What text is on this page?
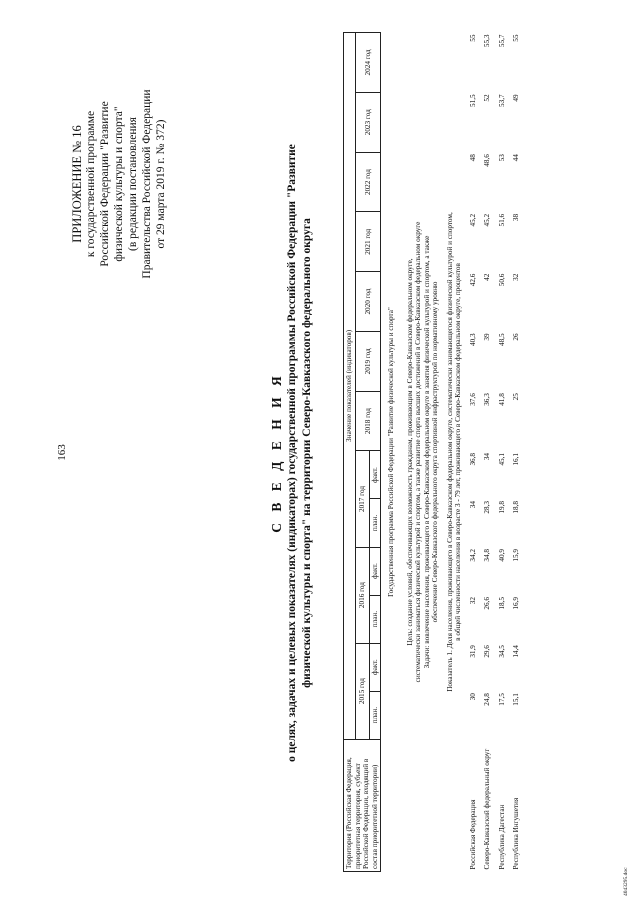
163
ПРИЛОЖЕНИЕ № 16 к государственной программе Российской Федерации "Развитие физической культуры и спорта" (в редакции постановления Правительства Российской Федерации от 29 марта 2019 г. № 372)
С В Е Д Е Н И Я о целях, задачах и целевых показателях (индикаторах) государственной программы Российской Федерации "Развитие физической культуры и спорта" на территории Северо-Кавказского федерального округа
Территория (Российская Федерация, приоритетная территория, субъект Российской Федерации, входящий в состав приоритетной территории)	Значение показателей (индикаторов)												
	2015 год		2016 год		2017 год		2018 год	2019 год	2020 год	2021 год	2022 год	2023 год	2024 год
	план.	факт.	план.	факт.	план.	факт.							
Государственная программа Российской Федерации "Развитие физической культуры и спорта"													
Цель: создание условий, обеспечивающих возможность гражданам, проживающим в Северо-Кавказском федеральном округе,													
систематически заниматься физической культурой и спортом, а также развитие спорта высших достижений в Северо-Кавказском федеральном округе													
Задачи: вовлечение населения, проживающего в Северо-Кавказском федеральном округе в занятия физической культурой и спортом, а также													
обеспечение Северо-Кавказского федерального округа спортивной инфраструктурой по нормативному уровню													
Показатель 1. Доля населения, проживающего в Северо-Кавказском федеральном округе, систематически занимающегося физической культурой и спортом,													
в общей численности населения в возрасте 3 - 79 лет, проживающего в Северо-Кавказском федеральном округе, процентов													
Российская Федерация	30	31,9	32	34,2	34	36,8	37,6	40,3	42,6	45,2	48	51,5	55
Северо-Кавказский федеральный округ	24,8	29,6	26,6	34,8	28,3	34	36,3	39	42	45,2	48,6	52	55,3
Республика Дагестан	17,5	34,5	18,5	40,9	19,8	45,1	41,8	48,5	50,6	51,6	53	53,7	55,7
Республика Ингушетия	15,1	14,4	16,9	15,9	18,8	16,1	25	26	32	38	44	49	55
4043295.doc
